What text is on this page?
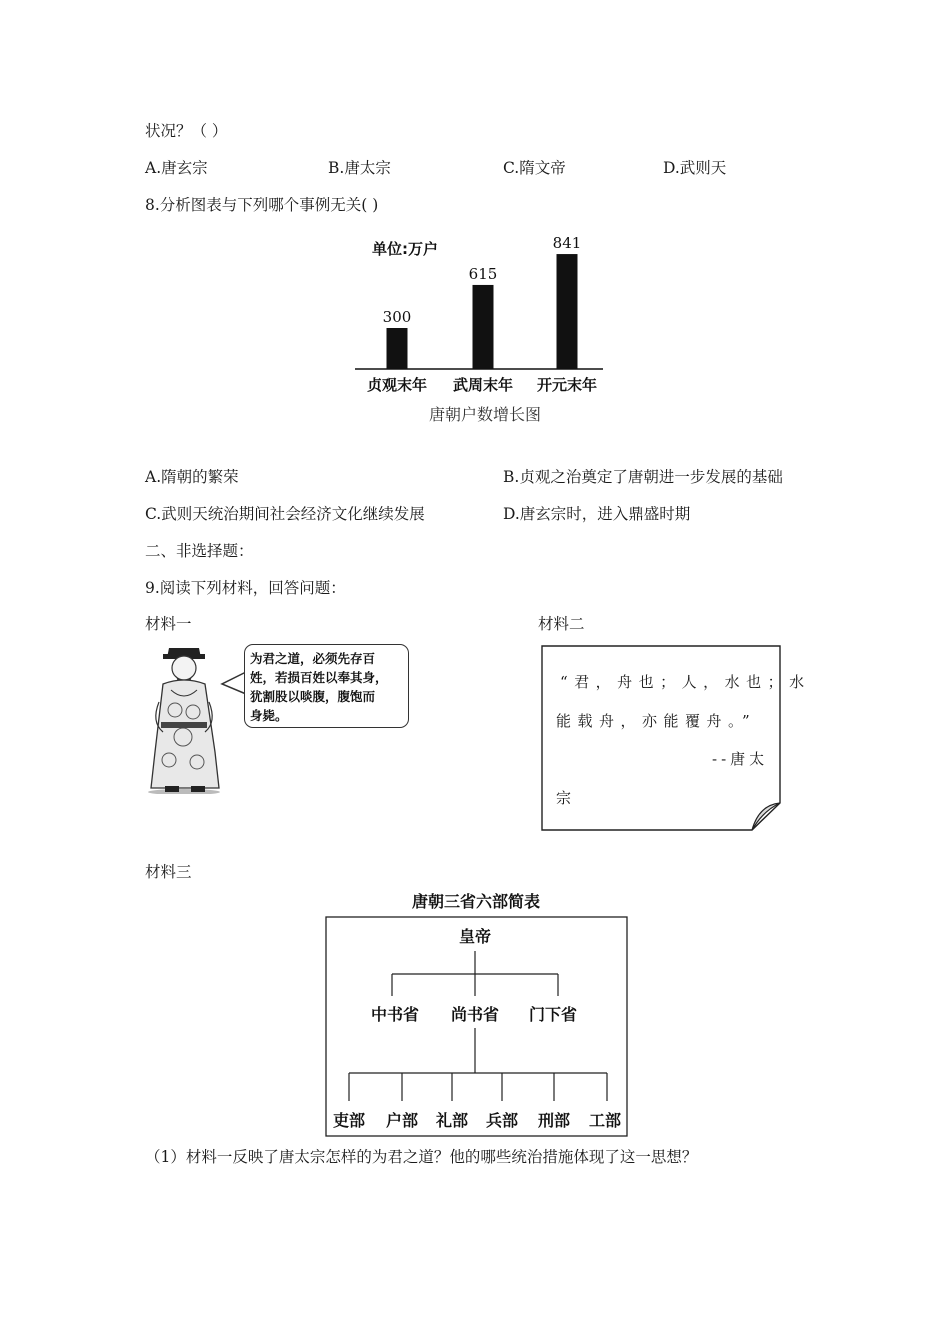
状况？（ ）
A.唐玄宗	B.唐太宗	C.隋文帝	D.武则天
8.分析图表与下列哪个事例无关( )
单位:万户
300
贞观末年
615
武周末年
841
开元末年
唐朝户数增长图
A.隋朝的繁荣	B.贞观之治奠定了唐朝进一步发展的基础
C.武则天统治期间社会经济文化继续发展	D.唐玄宗时，进入鼎盛时期
二、非选择题：
9.阅读下列材料，回答问题：
材料一	材料二
为君之道，必须先存百
姓，若损百姓以奉其身，
犹割股以啖腹，腹饱而
身毙。
“君，舟也；人，水也；水
能载舟，亦能覆舟。”
--唐太
宗
材料三
唐朝三省六部简表
皇帝
中书省 尚书省 门下省
吏部 户部 礼部 兵部 刑部 工部
（1）材料一反映了唐太宗怎样的为君之道？他的哪些统治措施体现了这一思想？
